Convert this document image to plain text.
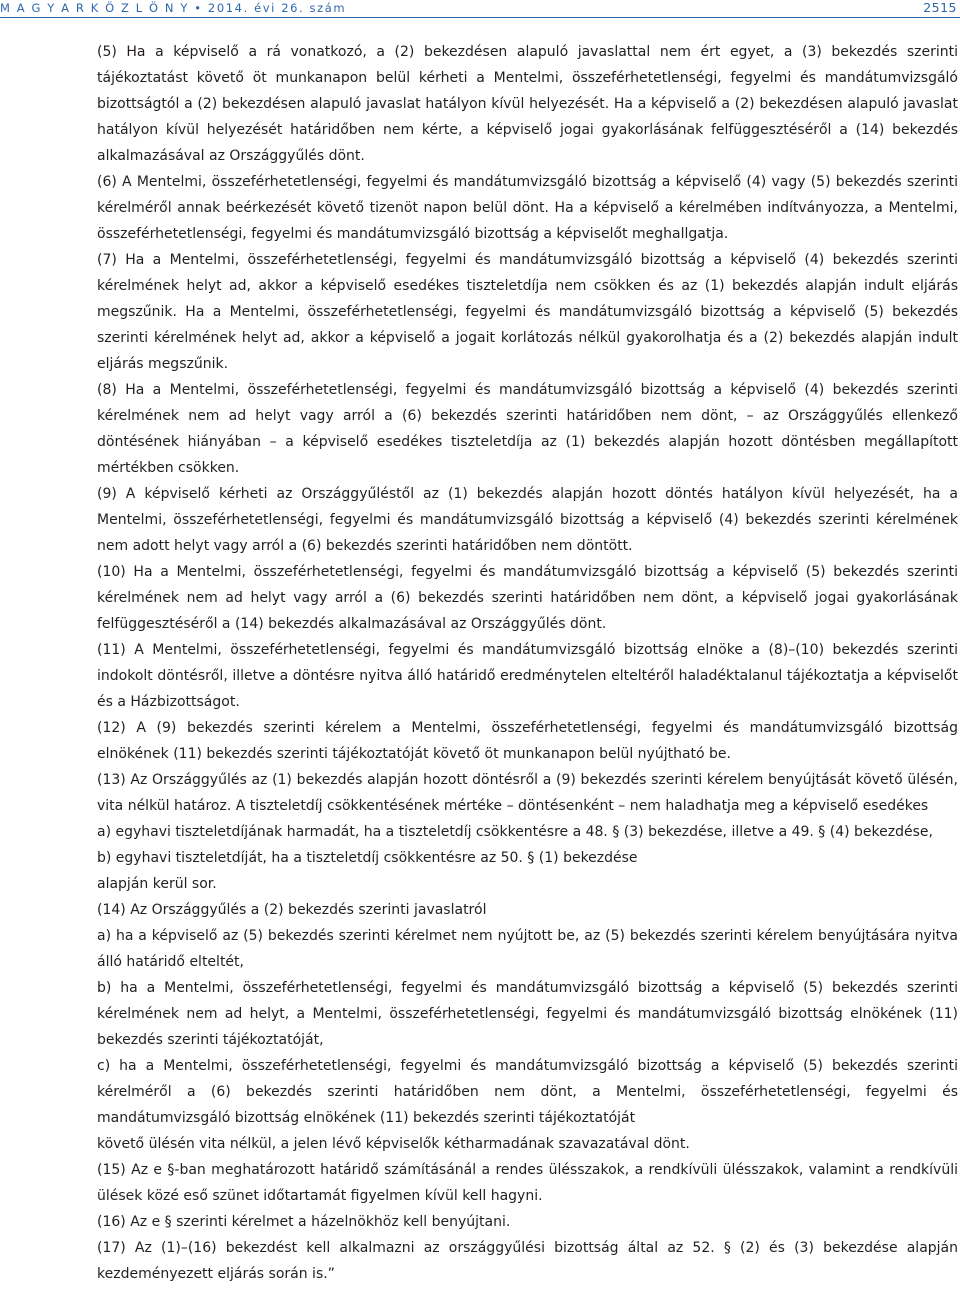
M A G Y A R K Ö Z L Ö N Y • 2014. évi 26. szám	2515

(5) Ha a képviselő a rá vonatkozó, a (2) bekezdésen alapuló javaslattal nem ért egyet, a (3) bekezdés szerinti tájékoztatást követő öt munkanapon belül kérheti a Mentelmi, összeférhetetlenségi, fegyelmi és mandátumvizsgáló bizottságtól a (2) bekezdésen alapuló javaslat hatályon kívül helyezését. Ha a képviselő a (2) bekezdésen alapuló javaslat hatályon kívül helyezését határidőben nem kérte, a képviselő jogai gyakorlásának felfüggesztéséről a (14) bekezdés alkalmazásával az Országgyűlés dönt.

(6) A Mentelmi, összeférhetetlenségi, fegyelmi és mandátumvizsgáló bizottság a képviselő (4) vagy (5) bekezdés szerinti kérelméről annak beérkezését követő tizenöt napon belül dönt. Ha a képviselő a kérelmében indítványozza, a Mentelmi, összeférhetetlenségi, fegyelmi és mandátumvizsgáló bizottság a képviselőt meghallgatja.

(7) Ha a Mentelmi, összeférhetetlenségi, fegyelmi és mandátumvizsgáló bizottság a képviselő (4) bekezdés szerinti kérelmének helyt ad, akkor a képviselő esedékes tiszteletdíja nem csökken és az (1) bekezdés alapján indult eljárás megszűnik. Ha a Mentelmi, összeférhetetlenségi, fegyelmi és mandátumvizsgáló bizottság a képviselő (5) bekezdés szerinti kérelmének helyt ad, akkor a képviselő a jogait korlátozás nélkül gyakorolhatja és a (2) bekezdés alapján indult eljárás megszűnik.

(8) Ha a Mentelmi, összeférhetetlenségi, fegyelmi és mandátumvizsgáló bizottság a képviselő (4) bekezdés szerinti kérelmének nem ad helyt vagy arról a (6) bekezdés szerinti határidőben nem dönt, – az Országgyűlés ellenkező döntésének hiányában – a képviselő esedékes tiszteletdíja az (1) bekezdés alapján hozott döntésben megállapított mértékben csökken.

(9) A képviselő kérheti az Országgyűléstől az (1) bekezdés alapján hozott döntés hatályon kívül helyezését, ha a Mentelmi, összeférhetetlenségi, fegyelmi és mandátumvizsgáló bizottság a képviselő (4) bekezdés szerinti kérelmének nem adott helyt vagy arról a (6) bekezdés szerinti határidőben nem döntött.

(10) Ha a Mentelmi, összeférhetetlenségi, fegyelmi és mandátumvizsgáló bizottság a képviselő (5) bekezdés szerinti kérelmének nem ad helyt vagy arról a (6) bekezdés szerinti határidőben nem dönt, a képviselő jogai gyakorlásának felfüggesztéséről a (14) bekezdés alkalmazásával az Országgyűlés dönt.

(11) A Mentelmi, összeférhetetlenségi, fegyelmi és mandátumvizsgáló bizottság elnöke a (8)–(10) bekezdés szerinti indokolt döntésről, illetve a döntésre nyitva álló határidő eredménytelen elteltéről haladéktalanul tájékoztatja a képviselőt és a Házbizottságot.

(12) A (9) bekezdés szerinti kérelem a Mentelmi, összeférhetetlenségi, fegyelmi és mandátumvizsgáló bizottság elnökének (11) bekezdés szerinti tájékoztatóját követő öt munkanapon belül nyújtható be.

(13) Az Országgyűlés az (1) bekezdés alapján hozott döntésről a (9) bekezdés szerinti kérelem benyújtását követő ülésén, vita nélkül határoz. A tiszteletdíj csökkentésének mértéke – döntésenként – nem haladhatja meg a képviselő esedékes

a) egyhavi tiszteletdíjának harmadát, ha a tiszteletdíj csökkentésre a 48. § (3) bekezdése, illetve a 49. § (4) bekezdése,

b) egyhavi tiszteletdíját, ha a tiszteletdíj csökkentésre az 50. § (1) bekezdése

alapján kerül sor.

(14) Az Országgyűlés a (2) bekezdés szerinti javaslatról

a) ha a képviselő az (5) bekezdés szerinti kérelmet nem nyújtott be, az (5) bekezdés szerinti kérelem benyújtására nyitva álló határidő elteltét,

b) ha a Mentelmi, összeférhetetlenségi, fegyelmi és mandátumvizsgáló bizottság a képviselő (5) bekezdés szerinti kérelmének nem ad helyt, a Mentelmi, összeférhetetlenségi, fegyelmi és mandátumvizsgáló bizottság elnökének (11) bekezdés szerinti tájékoztatóját,

c) ha a Mentelmi, összeférhetetlenségi, fegyelmi és mandátumvizsgáló bizottság a képviselő (5) bekezdés szerinti kérelméről a (6) bekezdés szerinti határidőben nem dönt, a Mentelmi, összeférhetetlenségi, fegyelmi és mandátumvizsgáló bizottság elnökének (11) bekezdés szerinti tájékoztatóját

követő ülésén vita nélkül, a jelen lévő képviselők kétharmadának szavazatával dönt.

(15) Az e §-ban meghatározott határidő számításánál a rendes ülésszakok, a rendkívüli ülésszakok, valamint a rendkívüli ülések közé eső szünet időtartamát figyelmen kívül kell hagyni.

(16) Az e § szerinti kérelmet a házelnökhöz kell benyújtani.

(17) Az (1)–(16) bekezdést kell alkalmazni az országgyűlési bizottság által az 52. § (2) és (3) bekezdése alapján kezdeményezett eljárás során is.”
